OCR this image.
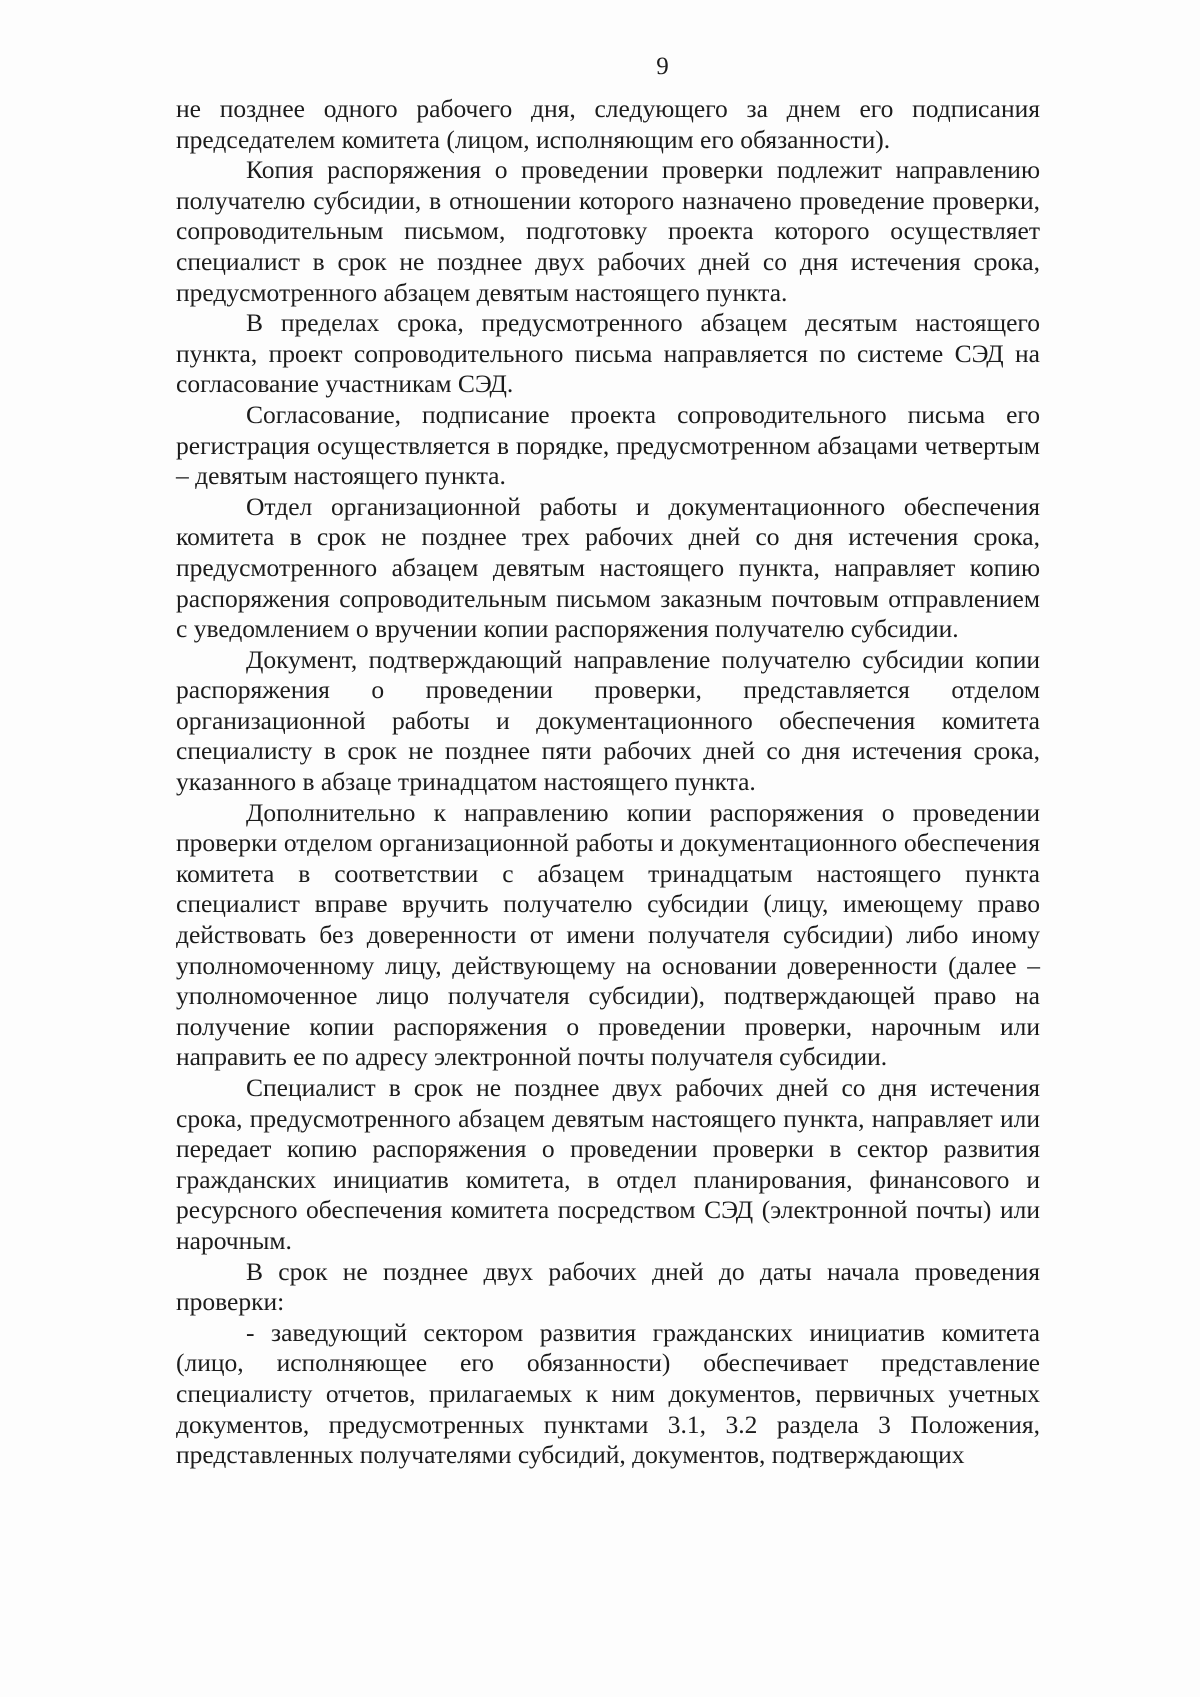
9

не позднее одного рабочего дня, следующего за днем его подписания председателем комитета (лицом, исполняющим его обязанности).

Копия распоряжения о проведении проверки подлежит направлению получателю субсидии, в отношении которого назначено проведение проверки, сопроводительным письмом, подготовку проекта которого осуществляет специалист в срок не позднее двух рабочих дней со дня истечения срока, предусмотренного абзацем девятым настоящего пункта.

В пределах срока, предусмотренного абзацем десятым настоящего пункта, проект сопроводительного письма направляется по системе СЭД на согласование участникам СЭД.

Согласование, подписание проекта сопроводительного письма его регистрация осуществляется в порядке, предусмотренном абзацами четвертым – девятым настоящего пункта.

Отдел организационной работы и документационного обеспечения комитета в срок не позднее трех рабочих дней со дня истечения срока, предусмотренного абзацем девятым настоящего пункта, направляет копию распоряжения сопроводительным письмом заказным почтовым отправлением с уведомлением о вручении копии распоряжения получателю субсидии.

Документ, подтверждающий направление получателю субсидии копии распоряжения о проведении проверки, представляется отделом организационной работы и документационного обеспечения комитета специалисту в срок не позднее пяти рабочих дней со дня истечения срока, указанного в абзаце тринадцатом настоящего пункта.

Дополнительно к направлению копии распоряжения о проведении проверки отделом организационной работы и документационного обеспечения комитета в соответствии с абзацем тринадцатым настоящего пункта специалист вправе вручить получателю субсидии (лицу, имеющему право действовать без доверенности от имени получателя субсидии) либо иному уполномоченному лицу, действующему на основании доверенности (далее – уполномоченное лицо получателя субсидии), подтверждающей право на получение копии распоряжения о проведении проверки, нарочным или направить ее по адресу электронной почты получателя субсидии.

Специалист в срок не позднее двух рабочих дней со дня истечения срока, предусмотренного абзацем девятым настоящего пункта, направляет или передает копию распоряжения о проведении проверки в сектор развития гражданских инициатив комитета, в отдел планирования, финансового и ресурсного обеспечения комитета посредством СЭД (электронной почты) или нарочным.

В срок не позднее двух рабочих дней до даты начала проведения проверки:

- заведующий сектором развития гражданских инициатив комитета (лицо, исполняющее его обязанности) обеспечивает представление специалисту отчетов, прилагаемых к ним документов, первичных учетных документов, предусмотренных пунктами 3.1, 3.2 раздела 3 Положения, представленных получателями субсидий, документов, подтверждающих
